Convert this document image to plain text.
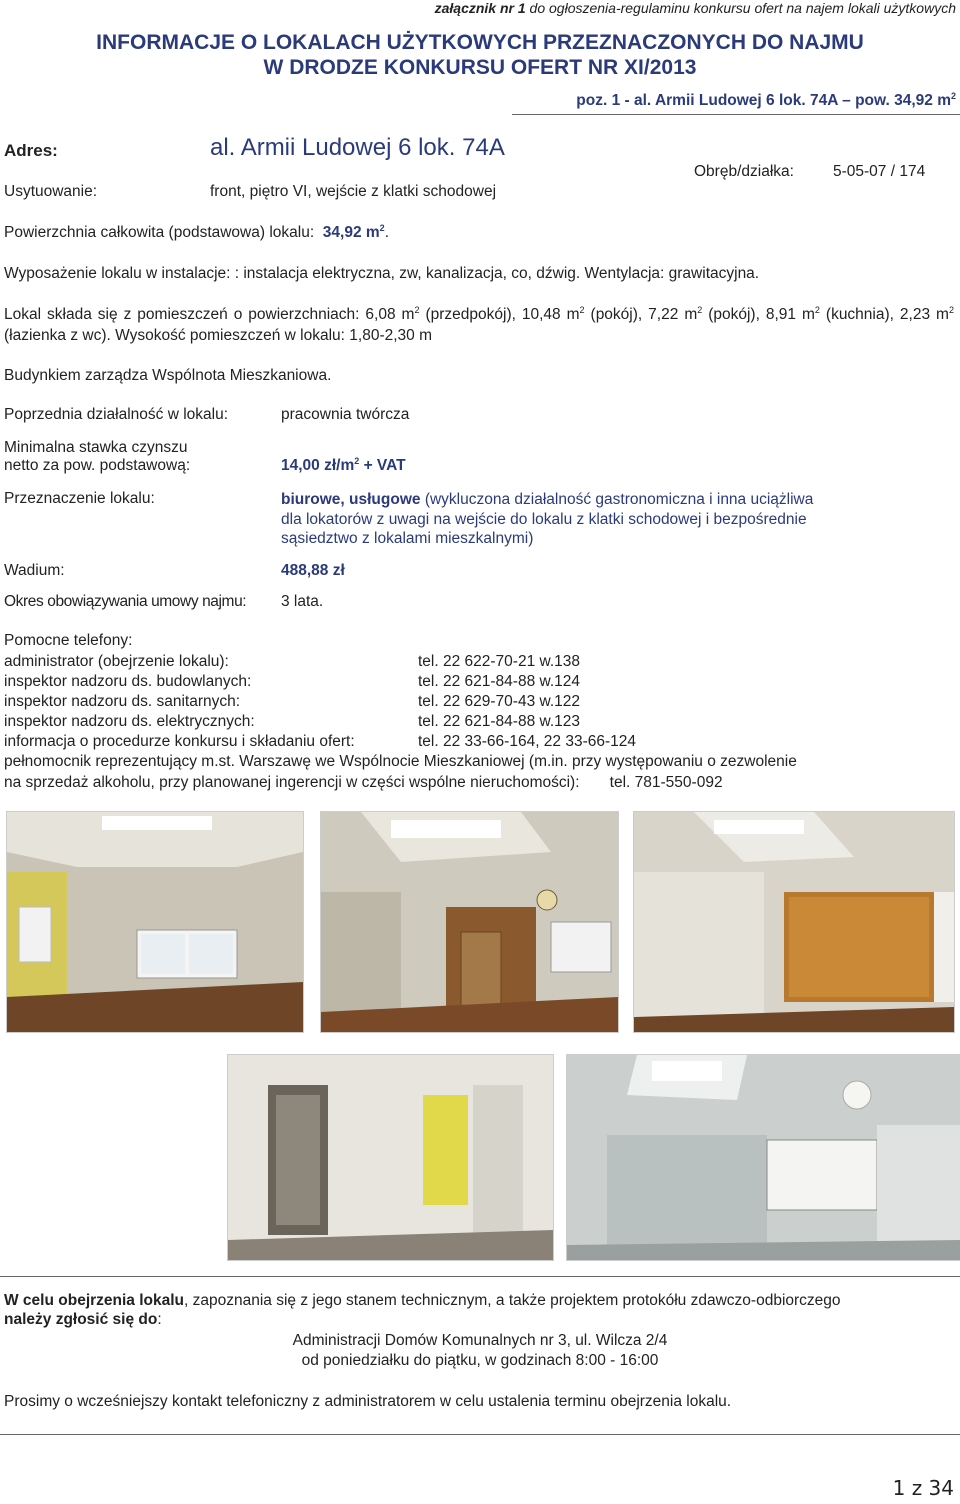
załącznik nr 1 do ogłoszenia-regulaminu konkursu ofert na najem lokali użytkowych
INFORMACJE O LOKALACH UŻYTKOWYCH PRZEZNACZONYCH DO NAJMU
W DRODZE KONKURSU OFERT NR XI/2013
poz. 1 - al. Armii Ludowej 6 lok. 74A – pow. 34,92 $m^2$
Adres:	al. Armii Ludowej 6 lok. 74A
Usytuowanie:	front, piętro VI, wejście z klatki schodowej
Obręb/działka:	5-05-07 / 174
Powierzchnia całkowita (podstawowa) lokalu: 34,92 $m^2$.
Wyposażenie lokalu w instalacje: : instalacja elektryczna, zw, kanalizacja, co, dźwig. Wentylacja: grawitacyjna.
Lokal składa się z pomieszczeń o powierzchniach: 6,08 $m^2$ (przedpokój), 10,48 $m^2$ (pokój), 7,22 $m^2$ (pokój), 8,91 $m^2$ (kuchnia), 2,23 $m^2$ (łazienka z wc). Wysokość pomieszczeń w lokalu: 1,80-2,30 m
Budynkiem zarządza Wspólnota Mieszkaniowa.
Poprzednia działalność w lokalu:	pracownia twórcza
Minimalna stawka czynszu
netto za pow. podstawową:	14,00 $zł/m^2$ + VAT
Przeznaczenie lokalu:	biurowe, usługowe (wykluczona działalność gastronomiczna i inna uciążliwa
dla lokatorów z uwagi na wejście do lokalu z klatki schodowej i bezpośrednie
sąsiedztwo z lokalami mieszkalnymi)
Wadium:	488,88 zł
Okres obowiązywania umowy najmu: 3 lata.
Pomocne telefony:
administrator (obejrzenie lokalu):	tel. 22 622-70-21 w.138
inspektor nadzoru ds. budowlanych:	tel. 22 621-84-88 w.124
inspektor nadzoru ds. sanitarnych:	tel. 22 629-70-43 w.122
inspektor nadzoru ds. elektrycznych:	tel. 22 621-84-88 w.123
informacja o procedurze konkursu i składaniu ofert:	tel. 22 33-66-164, 22 33-66-124
pełnomocnik reprezentujący m.st. Warszawę we Wspólnocie Mieszkaniowej (m.in. przy występowaniu o zezwolenie
na sprzedaż alkoholu, przy planowanej ingerencji w części wspólne nieruchomości): tel. 781-550-092
W celu obejrzenia lokalu, zapoznania się z jego stanem technicznym, a także projektem protokółu zdawczo-odbiorczego
należy zgłosić się do:
Administracji Domów Komunalnych nr 3, ul. Wilcza 2/4
od poniedziałku do piątku, w godzinach 8:00 - 16:00
Prosimy o wcześniejszy kontakt telefoniczny z administratorem w celu ustalenia terminu obejrzenia lokalu.
1 z 34
